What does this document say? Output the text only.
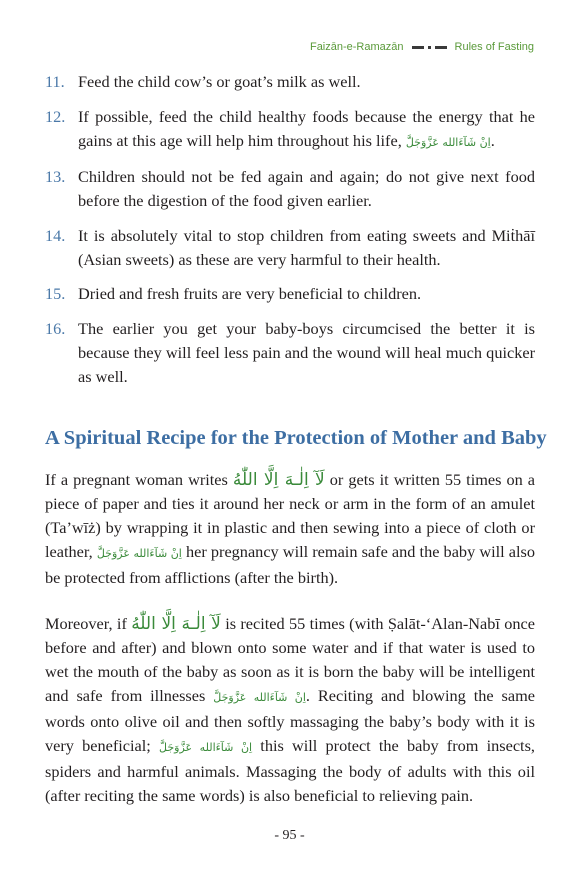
Faizān-e-Ramazān	Rules of Fasting
11. Feed the child cow’s or goat’s milk as well.
12. If possible, feed the child healthy foods because the energy that he gains at this age will help him throughout his life, اِنْ شَآءَالله عَزَّوَجَلَّ.
13. Children should not be fed again and again; do not give next food before the digestion of the food given earlier.
14. It is absolutely vital to stop children from eating sweets and Miṫhāī (Asian sweets) as these are very harmful to their health.
15. Dried and fresh fruits are very beneficial to children.
16. The earlier you get your baby-boys circumcised the better it is because they will feel less pain and the wound will heal much quicker as well.
A Spiritual Recipe for the Protection of Mother and Baby

If a pregnant woman writes لَآ اِلٰـهَ اِلَّا اللّٰهُ or gets it written 55 times on a piece of paper and ties it around her neck or arm in the form of an amulet (Ta’wīż) by wrapping it in plastic and then sewing into a piece of cloth or leather, اِنْ شَآءَالله عَزَّوَجَلَّ her pregnancy will remain safe and the baby will also be protected from afflictions (after the birth).

Moreover, if لَآ اِلٰـهَ اِلَّا اللّٰهُ is recited 55 times (with Ṣalāt-‘Alan-Nabī once before and after) and blown onto some water and if that water is used to wet the mouth of the baby as soon as it is born the baby will be intelligent and safe from illnesses اِنْ شَآءَالله عَزَّوَجَلَّ. Reciting and blowing the same words onto olive oil and then softly massaging the baby’s body with it is very beneficial; اِنْ شَآءَالله عَزَّوَجَلَّ this will protect the baby from insects, spiders and harmful animals. Massaging the body of adults with this oil (after reciting the same words) is also beneficial to relieving pain.

- 95 -
